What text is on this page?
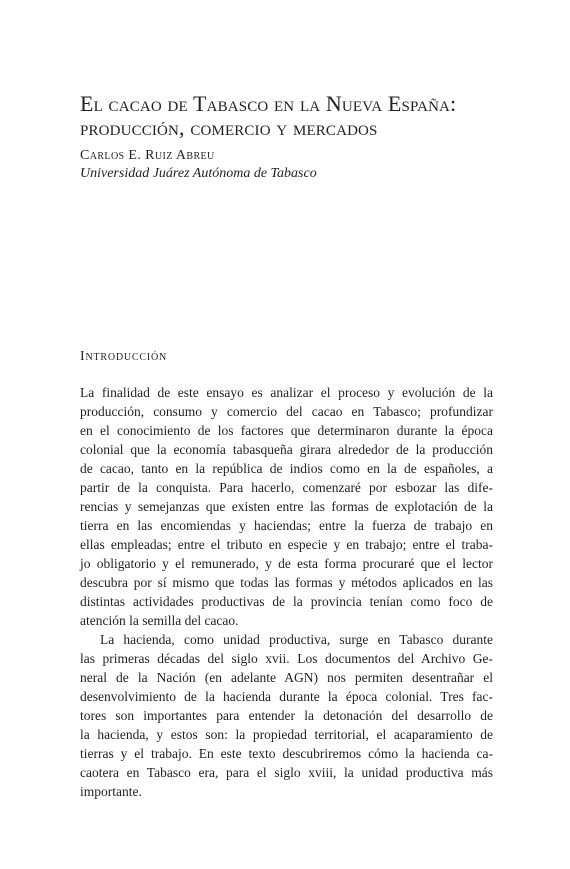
El cacao de Tabasco en la Nueva España:
producción, comercio y mercados

Carlos E. Ruiz Abreu

Universidad Juárez Autónoma de Tabasco

Introducción

La finalidad de este ensayo es analizar el proceso y evolución de la
producción, consumo y comercio del cacao en Tabasco; profundizar
en el conocimiento de los factores que determinaron durante la época
colonial que la economía tabasqueña girara alrededor de la producción
de cacao, tanto en la república de indios como en la de españoles, a
partir de la conquista. Para hacerlo, comenzaré por esbozar las dife-
rencias y semejanzas que existen entre las formas de explotación de la
tierra en las encomiendas y haciendas; entre la fuerza de trabajo en
ellas empleadas; entre el tributo en especie y en trabajo; entre el traba-
jo obligatorio y el remunerado, y de esta forma procuraré que el lector
descubra por sí mismo que todas las formas y métodos aplicados en las
distintas actividades productivas de la provincia tenían como foco de
atención la semilla del cacao.

La hacienda, como unidad productiva, surge en Tabasco durante
las primeras décadas del siglo xvii. Los documentos del Archivo Ge-
neral de la Nación (en adelante AGN) nos permiten desentrañar el
desenvolvimiento de la hacienda durante la época colonial. Tres fac-
tores son importantes para entender la detonación del desarrollo de
la hacienda, y estos son: la propiedad territorial, el acaparamiento de
tierras y el trabajo. En este texto descubriremos cómo la hacienda ca-
caotera en Tabasco era, para el siglo xviii, la unidad productiva más
importante.
